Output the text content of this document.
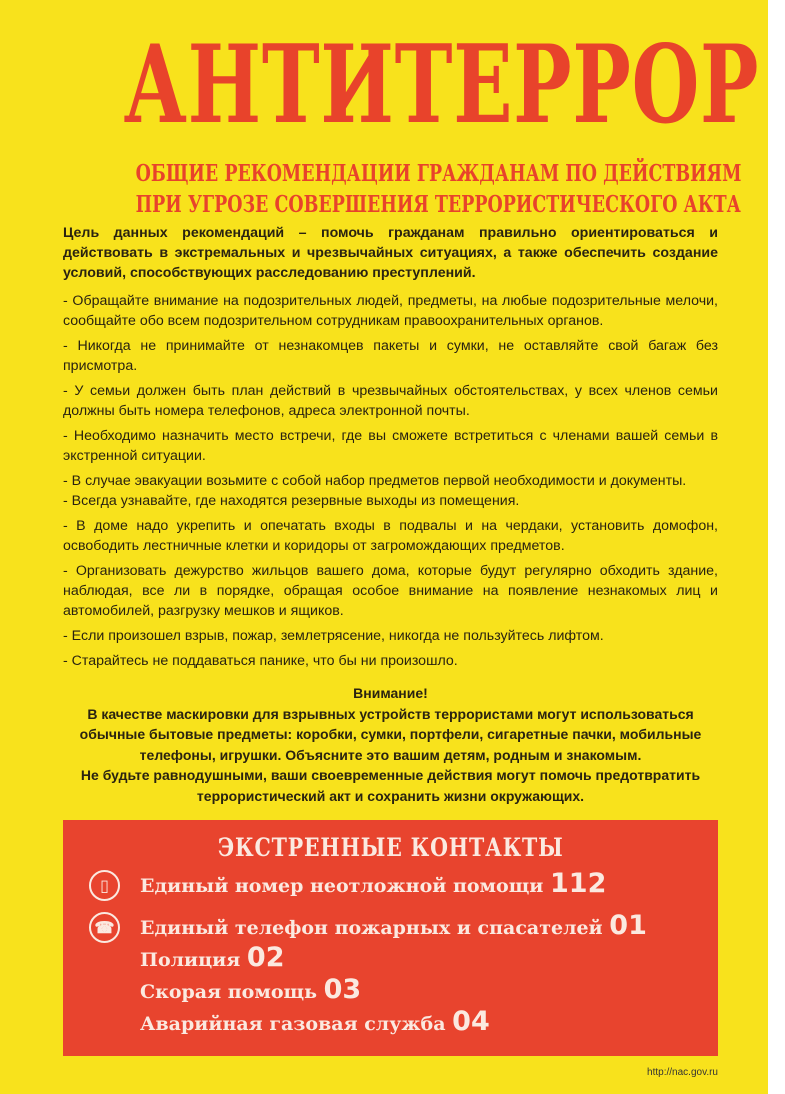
АНТИТЕРРОР
ОБЩИЕ РЕКОМЕНДАЦИИ ГРАЖДАНАМ ПО ДЕЙСТВИЯМ
ПРИ УГРОЗЕ СОВЕРШЕНИЯ ТЕРРОРИСТИЧЕСКОГО АКТА
Цель данных рекомендаций – помочь гражданам правильно ориентироваться и действовать в экстремальных и чрезвычайных ситуациях, а также обеспечить создание условий, способствующих расследованию преступлений.
- Обращайте внимание на подозрительных людей, предметы, на любые подозрительные мелочи, сообщайте обо всем подозрительном сотрудникам правоохранительных органов.
- Никогда не принимайте от незнакомцев пакеты и сумки, не оставляйте свой багаж без присмотра.
- У семьи должен быть план действий в чрезвычайных обстоятельствах, у всех членов семьи должны быть номера телефонов, адреса электронной почты.
- Необходимо назначить место встречи, где вы сможете встретиться с членами вашей семьи в экстренной ситуации.
- В случае эвакуации возьмите с собой набор предметов первой необходимости и документы.
- Всегда узнавайте, где находятся резервные выходы из помещения.
- В доме надо укрепить и опечатать входы в подвалы и на чердаки, установить домофон, освободить лестничные клетки и коридоры от загромождающих предметов.
- Организовать дежурство жильцов вашего дома, которые будут регулярно обходить здание, наблюдая, все ли в порядке, обращая особое внимание на появление незнакомых лиц и автомобилей, разгрузку мешков и ящиков.
- Если произошел взрыв, пожар, землетрясение, никогда не пользуйтесь лифтом.
- Старайтесь не поддаваться панике, что бы ни произошло.
Внимание!
В качестве маскировки для взрывных устройств террористами могут использоваться обычные бытовые предметы: коробки, сумки, портфели, сигаретные пачки, мобильные телефоны, игрушки. Объясните это вашим детям, родным и знакомым.
Не будьте равнодушными, ваши своевременные действия могут помочь предотвратить террористический акт и сохранить жизни окружающих.
ЭКСТРЕННЫЕ КОНТАКТЫ
▯	Единый номер неотложной помощи 112
☎ Единый телефон пожарных и спасателей 01
Полиция 02
Скорая помощь 03
Аварийная газовая служба 04
http://nac.gov.ru
